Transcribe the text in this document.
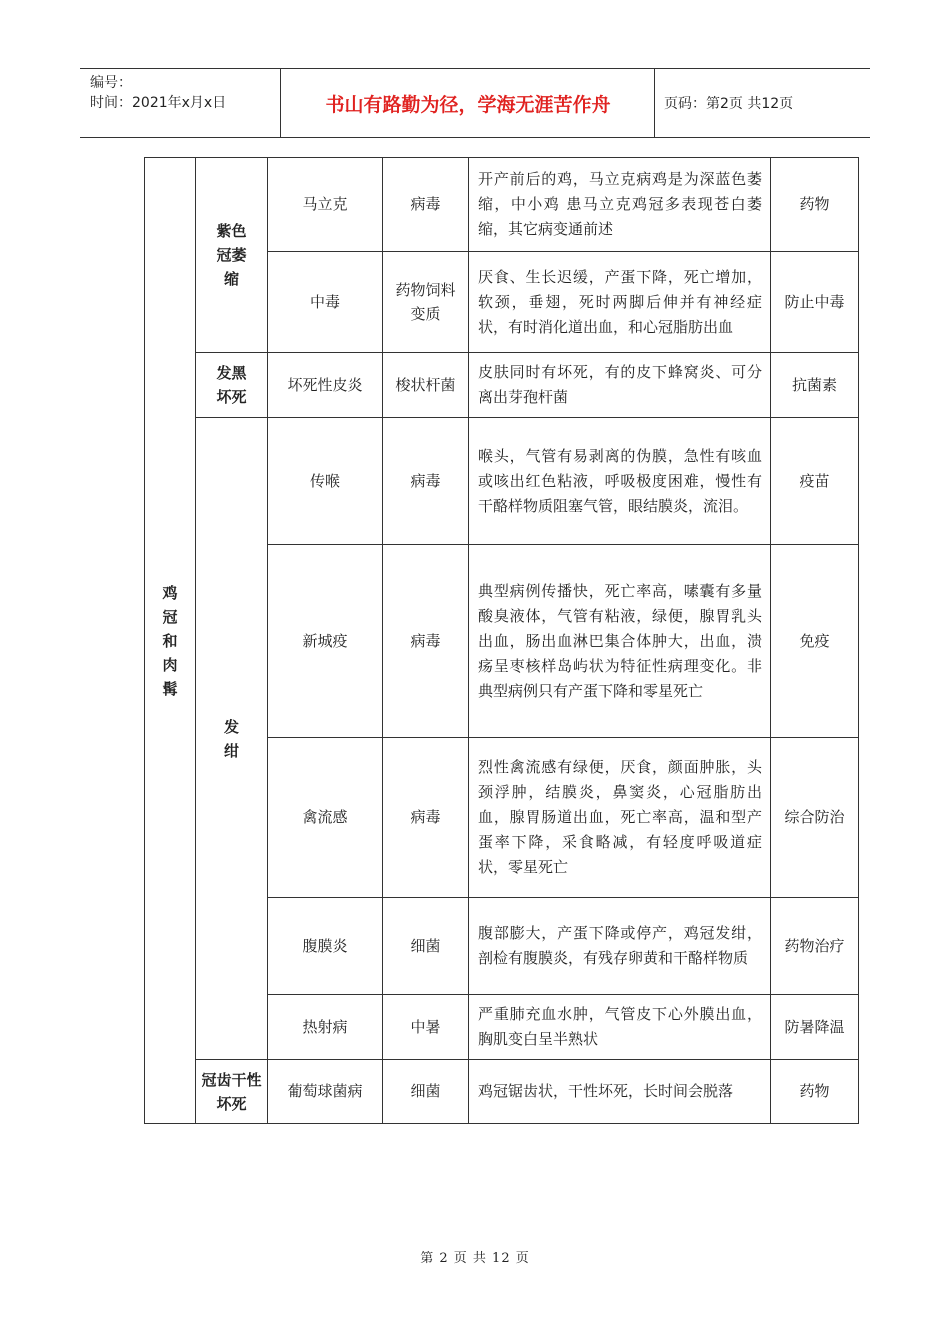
编号：
时间：2021年x月x日	书山有路勤为径，学海无涯苦作舟	页码：第2页 共12页
鸡冠和肉髯	紫色冠萎缩	马立克	病毒	开产前后的鸡，马立克病鸡是为深蓝色萎缩，中小鸡 患马立克鸡冠多表现苍白萎缩，其它病变通前述	药物
		中毒	药物饲料变质	厌食、生长迟缓，产蛋下降，死亡增加，软颈，垂翅，死时两脚后伸并有神经症状，有时消化道出血，和心冠脂肪出血	防止中毒

	发黑坏死	坏死性皮炎	梭状杆菌	皮肤同时有坏死，有的皮下蜂窝炎、可分离出芽孢杆菌	抗菌素

	发绀	传喉	病毒	喉头，气管有易剥离的伪膜，急性有咳血或咳出红色粘液，呼吸极度困难，慢性有干酪样物质阻塞气管，眼结膜炎，流泪。	疫苗
		新城疫	病毒	典型病例传播快，死亡率高，嗉囊有多量酸臭液体，气管有粘液，绿便，腺胃乳头出血，肠出血淋巴集合体肿大，出血，溃疡呈枣核样岛屿状为特征性病理变化。非典型病例只有产蛋下降和零星死亡	免疫
		禽流感	病毒	烈性禽流感有绿便，厌食，颜面肿胀，头颈浮肿，结膜炎，鼻窦炎，心冠脂肪出血，腺胃肠道出血，死亡率高，温和型产蛋率下降，采食略减，有轻度呼吸道症状，零星死亡	综合防治
		腹膜炎	细菌	腹部膨大，产蛋下降或停产，鸡冠发绀，剖检有腹膜炎，有残存卵黄和干酪样物质	药物治疗
		热射病	中暑	严重肺充血水肿，气管皮下心外膜出血，胸肌变白呈半熟状	防暑降温

	冠齿干性坏死	葡萄球菌病	细菌	鸡冠锯齿状，干性坏死，长时间会脱落	药物
第 2 页 共 12 页
